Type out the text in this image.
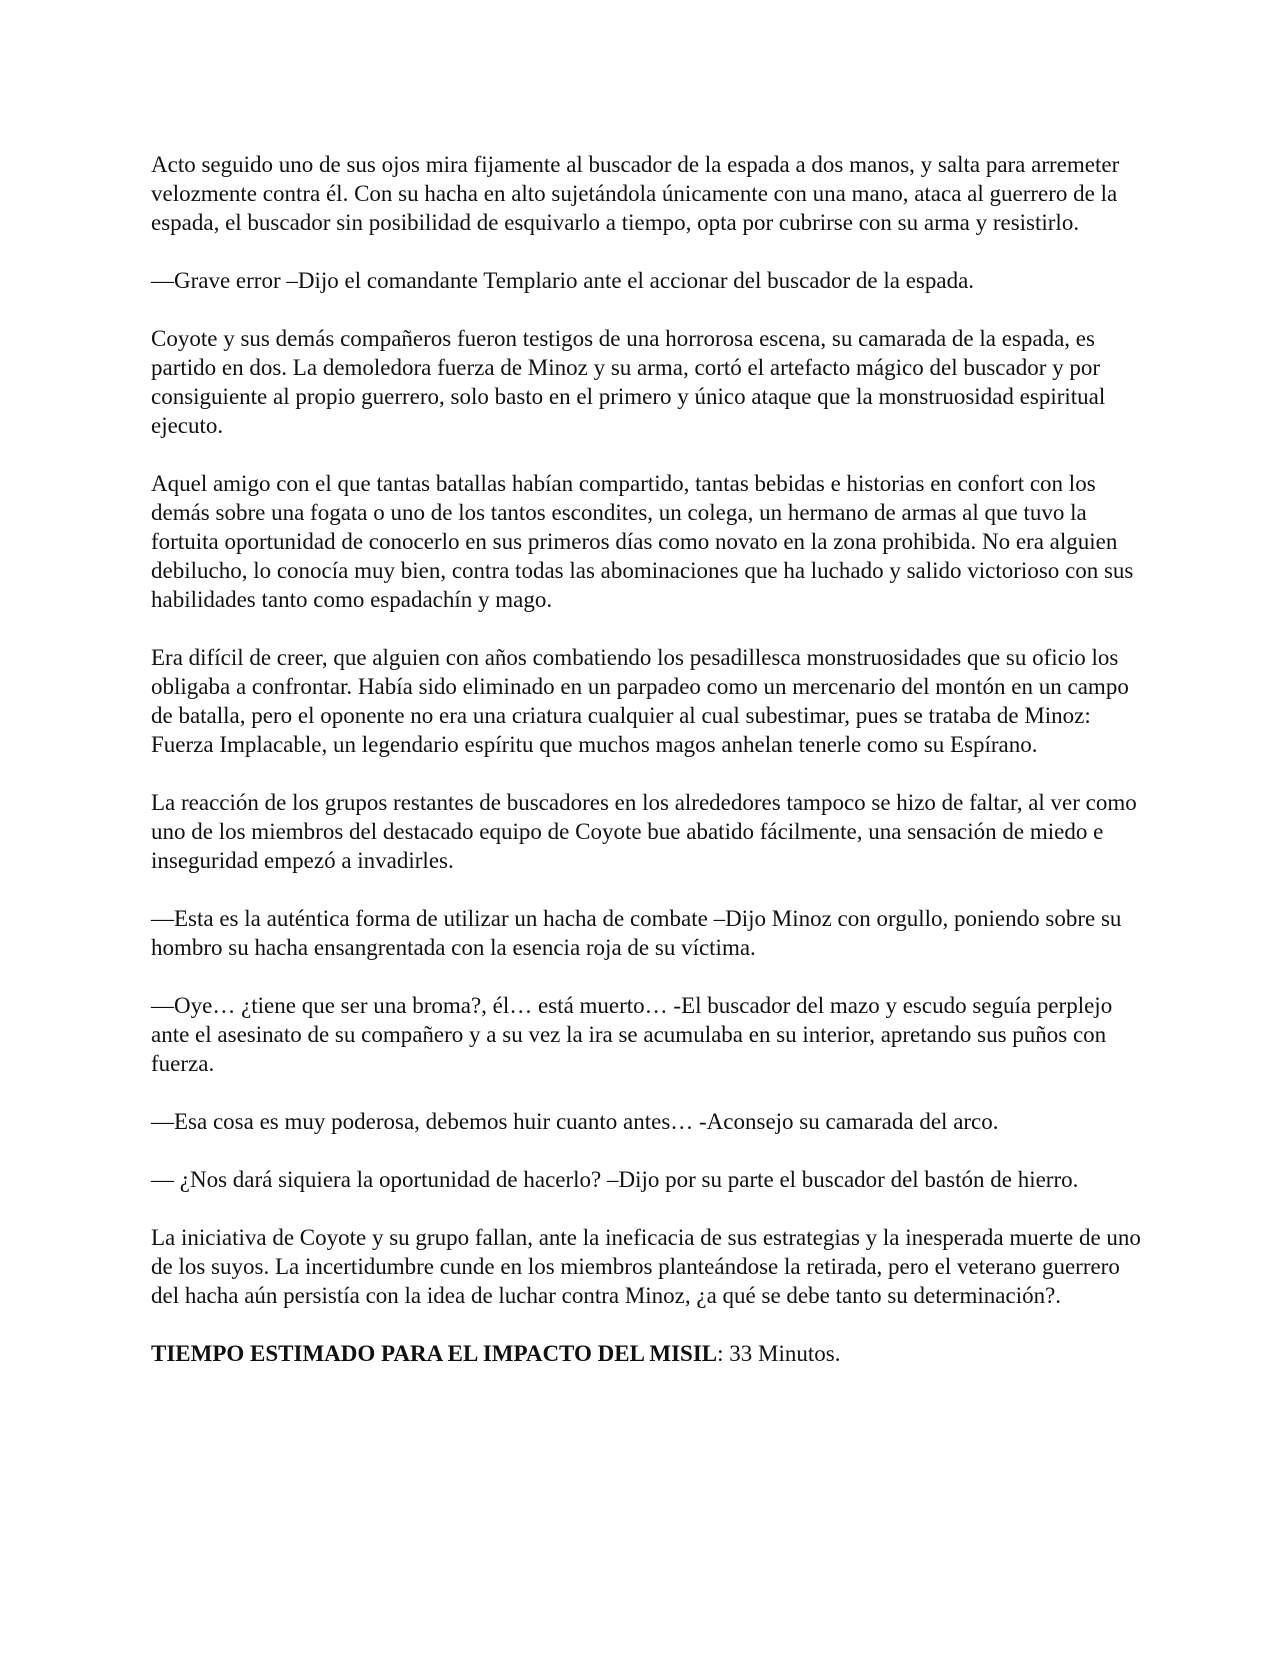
Acto seguido uno de sus ojos mira fijamente al buscador de la espada a dos manos, y salta para arremeter velozmente contra él. Con su hacha en alto sujetándola únicamente con una mano, ataca al guerrero de la espada, el buscador sin posibilidad de esquivarlo a tiempo, opta por cubrirse con su arma y resistirlo.

—Grave error –Dijo el comandante Templario ante el accionar del buscador de la espada.

Coyote y sus demás compañeros fueron testigos de una horrorosa escena, su camarada de la espada, es partido en dos. La demoledora fuerza de Minoz y su arma, cortó el artefacto mágico del buscador y por consiguiente al propio guerrero, solo basto en el primero y único ataque que la monstruosidad espiritual ejecuto.

Aquel amigo con el que tantas batallas habían compartido, tantas bebidas e historias en confort con los demás sobre una fogata o uno de los tantos escondites, un colega, un hermano de armas al que tuvo la fortuita oportunidad de conocerlo en sus primeros días como novato en la zona prohibida. No era alguien debilucho, lo conocía muy bien, contra todas las abominaciones que ha luchado y salido victorioso con sus habilidades tanto como espadachín y mago.

Era difícil de creer, que alguien con años combatiendo los pesadillesca monstruosidades que su oficio los obligaba a confrontar. Había sido eliminado en un parpadeo como un mercenario del montón en un campo de batalla, pero el oponente no era una criatura cualquier al cual subestimar, pues se trataba de Minoz: Fuerza Implacable, un legendario espíritu que muchos magos anhelan tenerle como su Espírano.

La reacción de los grupos restantes de buscadores en los alrededores tampoco se hizo de faltar, al ver como uno de los miembros del destacado equipo de Coyote bue abatido fácilmente, una sensación de miedo e inseguridad empezó a invadirles.

—Esta es la auténtica forma de utilizar un hacha de combate –Dijo Minoz con orgullo, poniendo sobre su hombro su hacha ensangrentada con la esencia roja de su víctima.

—Oye… ¿tiene que ser una broma?, él… está muerto… -El buscador del mazo y escudo seguía perplejo ante el asesinato de su compañero y a su vez la ira se acumulaba en su interior, apretando sus puños con fuerza.

—Esa cosa es muy poderosa, debemos huir cuanto antes… -Aconsejo su camarada del arco.

— ¿Nos dará siquiera la oportunidad de hacerlo? –Dijo por su parte el buscador del bastón de hierro.

La iniciativa de Coyote y su grupo fallan, ante la ineficacia de sus estrategias y la inesperada muerte de uno de los suyos. La incertidumbre cunde en los miembros planteándose la retirada, pero el veterano guerrero del hacha aún persistía con la idea de luchar contra Minoz, ¿a qué se debe tanto su determinación?.

TIEMPO ESTIMADO PARA EL IMPACTO DEL MISIL: 33 Minutos.
